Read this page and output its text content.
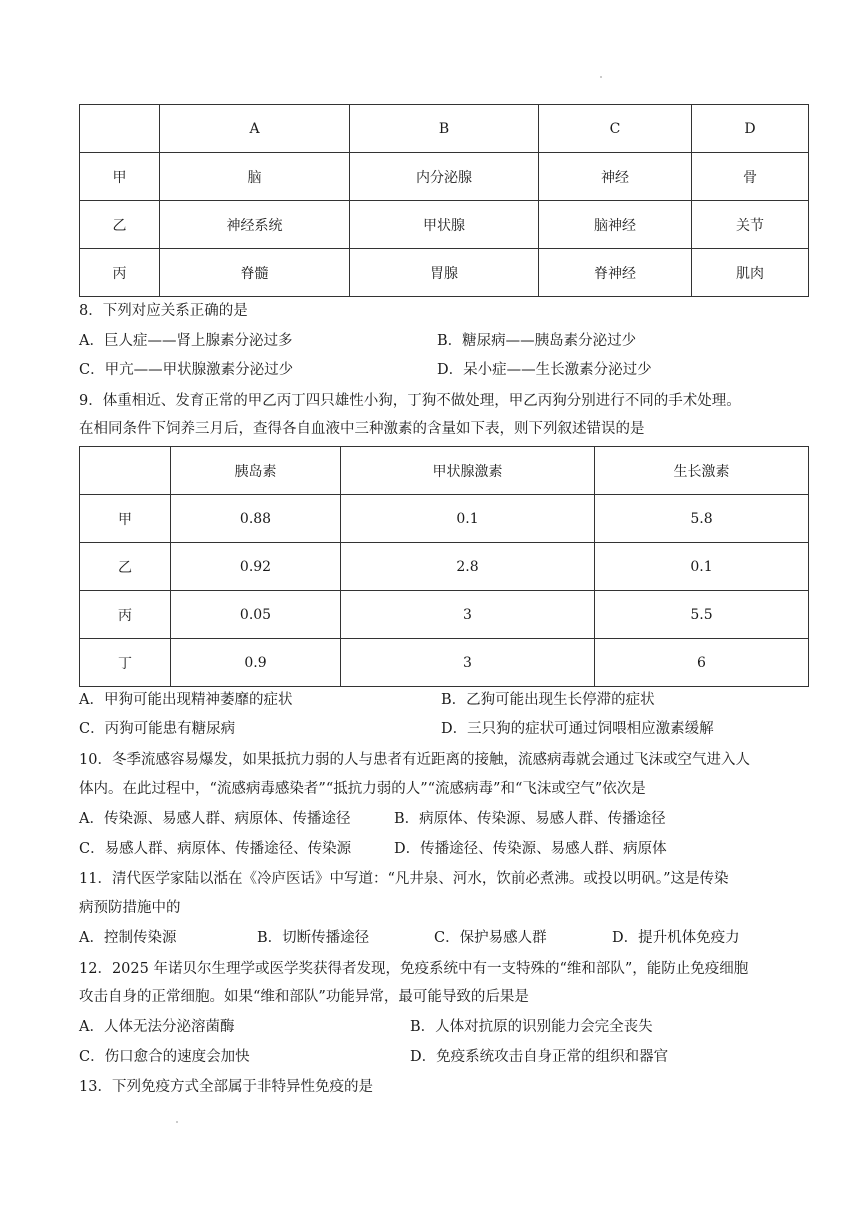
	A	B	C	D
甲	脑	内分泌腺	神经	骨
乙	神经系统	甲状腺	脑神经	关节
丙	脊髓	胃腺	脊神经	肌肉
8．下列对应关系正确的是
A．巨人症——肾上腺素分泌过多	B．糖尿病——胰岛素分泌过少
C．甲亢——甲状腺激素分泌过少	D．呆小症——生长激素分泌过少
9．体重相近、发育正常的甲乙丙丁四只雄性小狗，丁狗不做处理，甲乙丙狗分别进行不同的手术处理。
在相同条件下饲养三月后，查得各自血液中三种激素的含量如下表，则下列叙述错误的是
	胰岛素	甲状腺激素	生长激素
甲	0.88	0.1	5.8
乙	0.92	2.8	0.1
丙	0.05	3	5.5
丁	0.9	3	6
A．甲狗可能出现精神萎靡的症状	B．乙狗可能出现生长停滞的症状
C．丙狗可能患有糖尿病	D．三只狗的症状可通过饲喂相应激素缓解
10．冬季流感容易爆发，如果抵抗力弱的人与患者有近距离的接触，流感病毒就会通过飞沫或空气进入人
体内。在此过程中，“流感病毒感染者”“抵抗力弱的人”“流感病毒”和“飞沫或空气”依次是
A．传染源、易感人群、病原体、传播途径	B．病原体、传染源、易感人群、传播途径
C．易感人群、病原体、传播途径、传染源	D．传播途径、传染源、易感人群、病原体
11．清代医学家陆以湉在《冷庐医话》中写道：“凡井泉、河水，饮前必煮沸。或投以明矾。”这是传染
病预防措施中的
A．控制传染源	B．切断传播途径	C．保护易感人群	D．提升机体免疫力
12．2025 年诺贝尔生理学或医学奖获得者发现，免疫系统中有一支特殊的“维和部队”，能防止免疫细胞
攻击自身的正常细胞。如果“维和部队”功能异常，最可能导致的后果是
A．人体无法分泌溶菌酶	B．人体对抗原的识别能力会完全丧失
C．伤口愈合的速度会加快	D．免疫系统攻击自身正常的组织和器官
13．下列免疫方式全部属于非特异性免疫的是
